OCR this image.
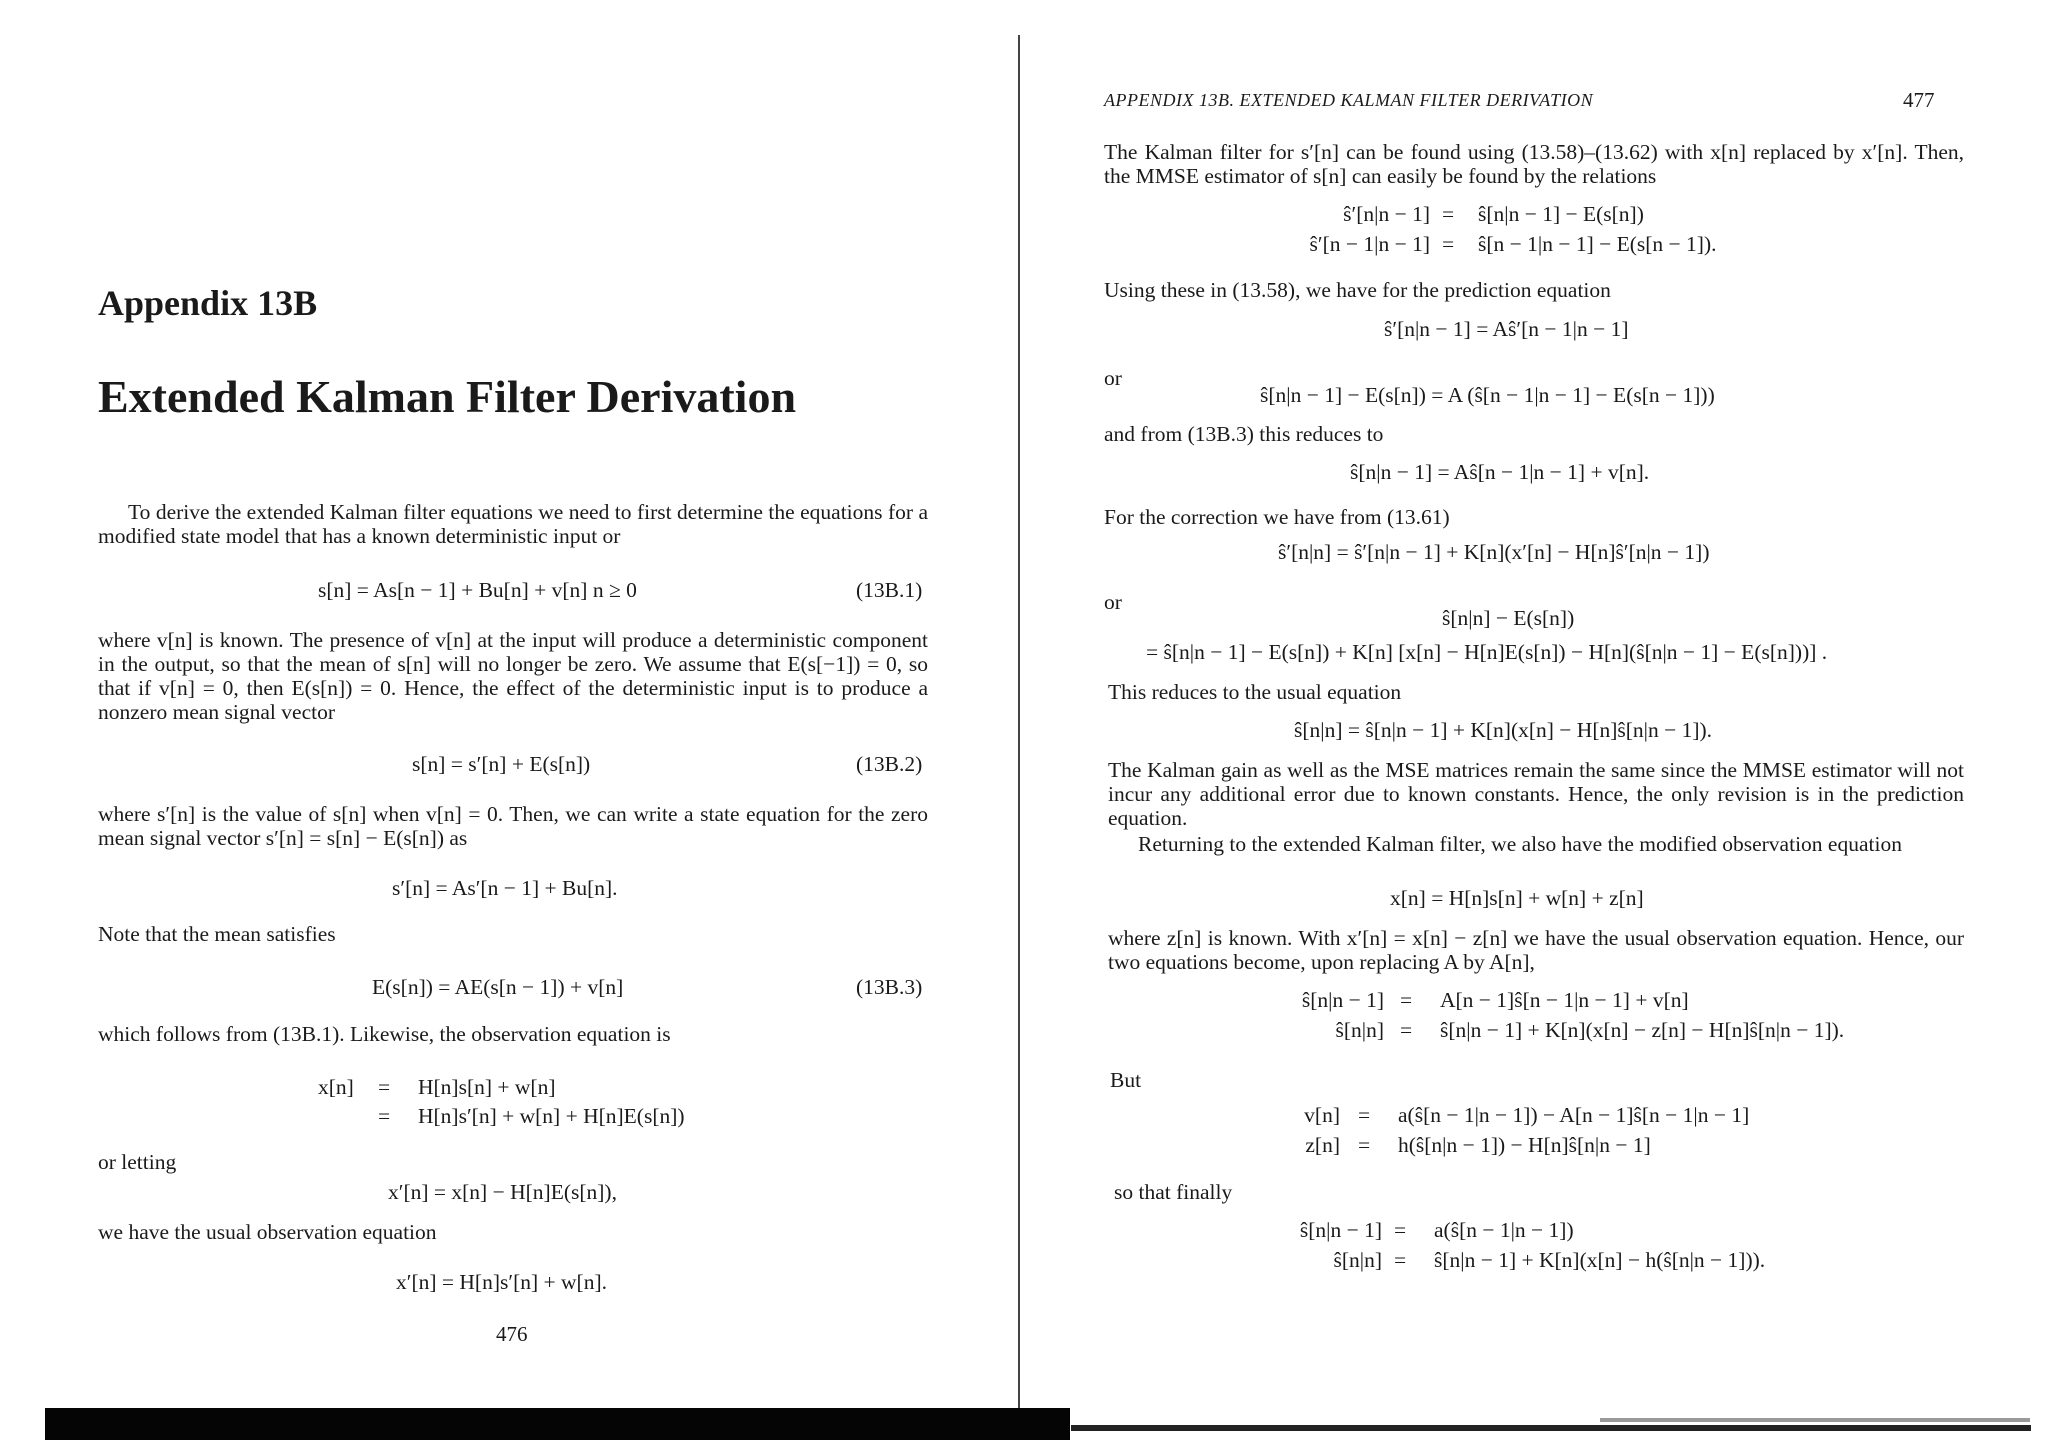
Appendix 13B
Extended Kalman Filter Derivation
To derive the extended Kalman filter equations we need to first determine the equations for a modified state model that has a known deterministic input or
s[n] = As[n − 1] + Bu[n] + v[n] n ≥ 0	(13B.1)
where v[n] is known. The presence of v[n] at the input will produce a deterministic component in the output, so that the mean of s[n] will no longer be zero. We assume that E(s[−1]) = 0, so that if v[n] = 0, then E(s[n]) = 0. Hence, the effect of the deterministic input is to produce a nonzero mean signal vector
s[n] = s′[n] + E(s[n])	(13B.2)
where s′[n] is the value of s[n] when v[n] = 0. Then, we can write a state equation for the zero mean signal vector s′[n] = s[n] − E(s[n]) as
s′[n] = As′[n − 1] + Bu[n].
Note that the mean satisfies
E(s[n]) = AE(s[n − 1]) + v[n]	(13B.3)
which follows from (13B.1). Likewise, the observation equation is
x[n] = H[n]s[n] + w[n]
= H[n]s′[n] + w[n] + H[n]E(s[n])
or letting
x′[n] = x[n] − H[n]E(s[n]),
we have the usual observation equation
x′[n] = H[n]s′[n] + w[n].
476
APPENDIX 13B. EXTENDED KALMAN FILTER DERIVATION	477
The Kalman filter for s′[n] can be found using (13.58)–(13.62) with x[n] replaced by x′[n]. Then, the MMSE estimator of s[n] can easily be found by the relations
ŝ′[n|n − 1] = ŝ[n|n − 1] − E(s[n])
ŝ′[n − 1|n − 1] = ŝ[n − 1|n − 1] − E(s[n − 1]).
Using these in (13.58), we have for the prediction equation
ŝ′[n|n − 1] = Aŝ′[n − 1|n − 1]
or
ŝ[n|n − 1] − E(s[n]) = A (ŝ[n − 1|n − 1] − E(s[n − 1]))
and from (13B.3) this reduces to
ŝ[n|n − 1] = Aŝ[n − 1|n − 1] + v[n].
For the correction we have from (13.61)
ŝ′[n|n] = ŝ′[n|n − 1] + K[n](x′[n] − H[n]ŝ′[n|n − 1])
or
ŝ[n|n] − E(s[n])
= ŝ[n|n − 1] − E(s[n]) + K[n] [x[n] − H[n]E(s[n]) − H[n](ŝ[n|n − 1] − E(s[n]))] .
This reduces to the usual equation
ŝ[n|n] = ŝ[n|n − 1] + K[n](x[n] − H[n]ŝ[n|n − 1]).
The Kalman gain as well as the MSE matrices remain the same since the MMSE estimator will not incur any additional error due to known constants. Hence, the only revision is in the prediction equation.
Returning to the extended Kalman filter, we also have the modified observation equation
x[n] = H[n]s[n] + w[n] + z[n]
where z[n] is known. With x′[n] = x[n] − z[n] we have the usual observation equation. Hence, our two equations become, upon replacing A by A[n],
ŝ[n|n − 1] = A[n − 1]ŝ[n − 1|n − 1] + v[n]
ŝ[n|n] = ŝ[n|n − 1] + K[n](x[n] − z[n] − H[n]ŝ[n|n − 1]).
But
v[n] = a(ŝ[n − 1|n − 1]) − A[n − 1]ŝ[n − 1|n − 1]
z[n] = h(ŝ[n|n − 1]) − H[n]ŝ[n|n − 1]
so that finally
ŝ[n|n − 1] = a(ŝ[n − 1|n − 1])
ŝ[n|n] = ŝ[n|n − 1] + K[n](x[n] − h(ŝ[n|n − 1])).
